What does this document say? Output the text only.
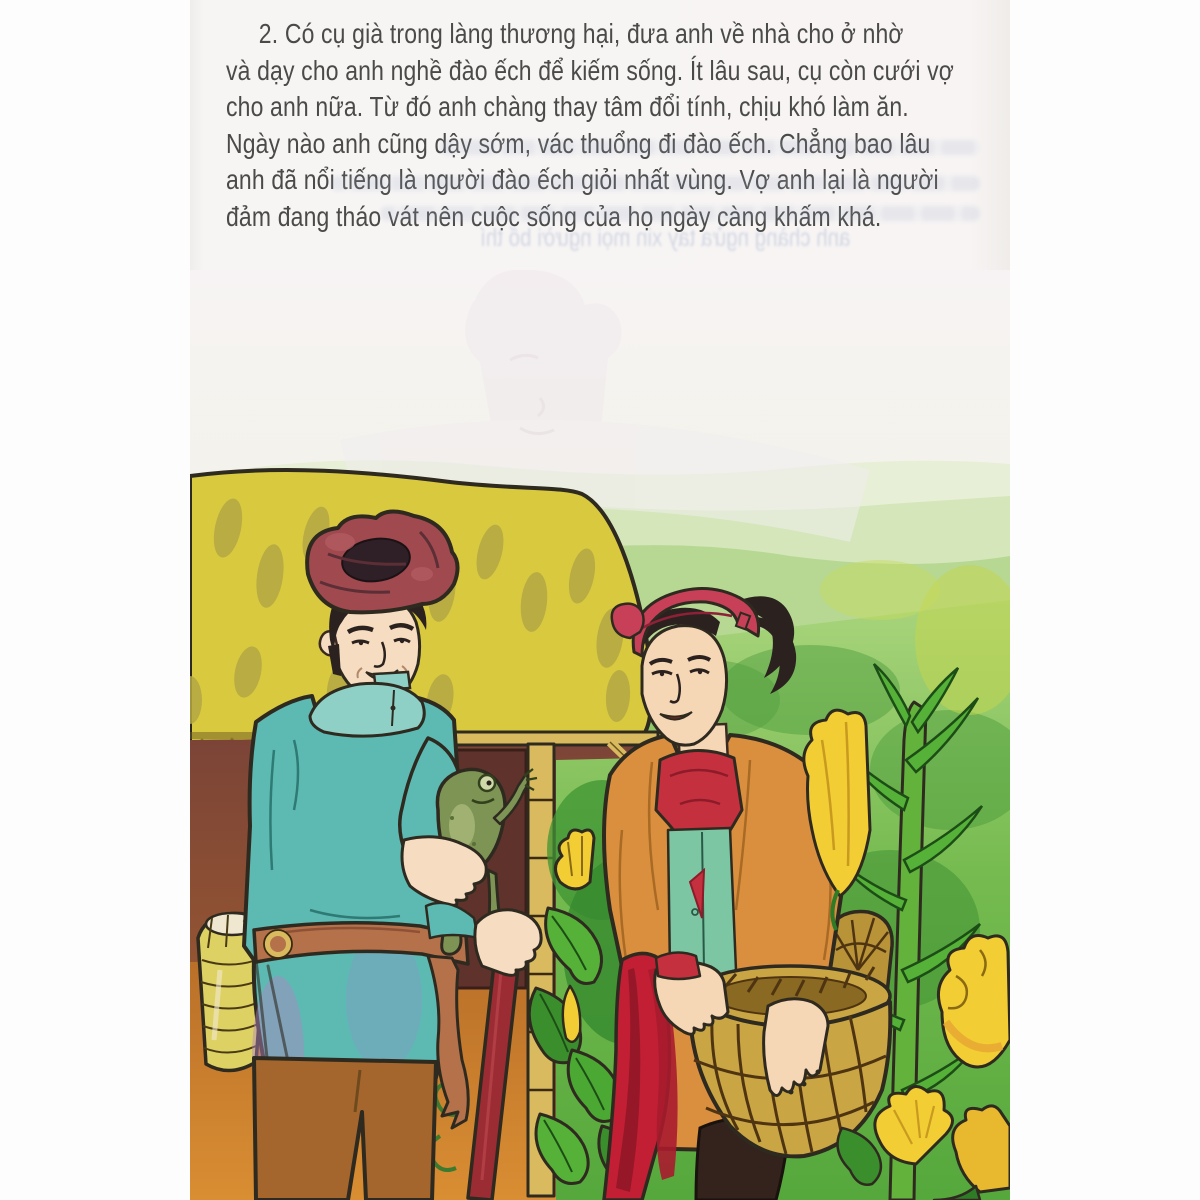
2. Có cụ già trong làng thương hại, đưa anh về nhà cho ở nhờ
và dạy cho anh nghề đào ếch để kiếm sống. Ít lâu sau, cụ còn cưới vợ
cho anh nữa. Từ đó anh chàng thay tâm đổi tính, chịu khó làm ăn.
Ngày nào anh cũng dậy sớm, vác thuổng đi đào ếch. Chẳng bao lâu
anh đã nổi tiếng là người đào ếch giỏi nhất vùng. Vợ anh lại là người
đảm đang tháo vát nên cuộc sống của họ ngày càng khấm khá.
anh chàng ngửa tay xin mọi người bố thí
